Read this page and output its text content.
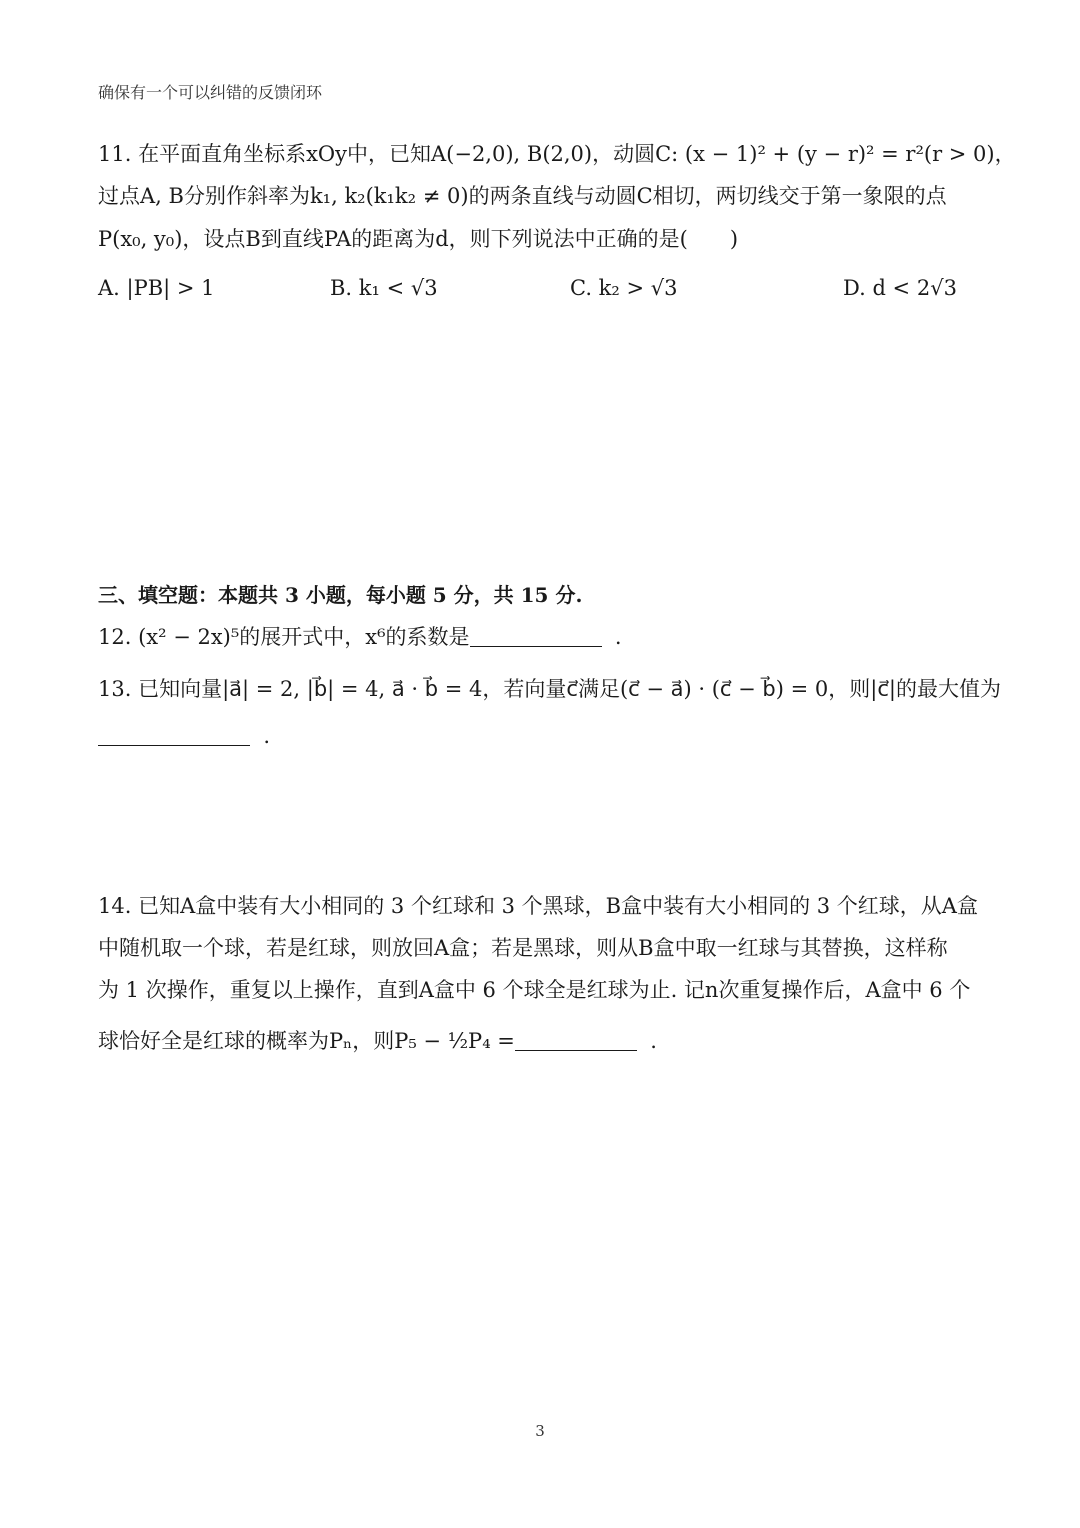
确保有一个可以纠错的反馈闭环
11. 在平面直角坐标系xOy中，已知A(−2,0), B(2,0)，动圆C: (x − 1)² + (y − r)² = r²(r > 0)，
过点A, B分别作斜率为k₁, k₂(k₁k₂ ≠ 0)的两条直线与动圆C相切，两切线交于第一象限的点
P(x₀, y₀)，设点B到直线PA的距离为d，则下列说法中正确的是(　　)
A. |PB| > 1	B. k₁ < √3	C. k₂ > √3	D. d < 2√3
三、填空题：本题共 3 小题，每小题 5 分，共 15 分.
12. (x² − 2x)⁵的展开式中，x⁶的系数是	.
13. 已知向量|a⃗| = 2, |b⃗| = 4, a⃗ · b⃗ = 4，若向量c⃗满足(c⃗ − a⃗) · (c⃗ − b⃗) = 0，则|c⃗|的最大值为
.
14. 已知A盒中装有大小相同的 3 个红球和 3 个黑球，B盒中装有大小相同的 3 个红球，从A盒
中随机取一个球，若是红球，则放回A盒；若是黑球，则从B盒中取一红球与其替换，这样称
为 1 次操作，重复以上操作，直到A盒中 6 个球全是红球为止. 记n次重复操作后，A盒中 6 个
球恰好全是红球的概率为Pₙ，则P₅ − ½P₄ =	.
3
